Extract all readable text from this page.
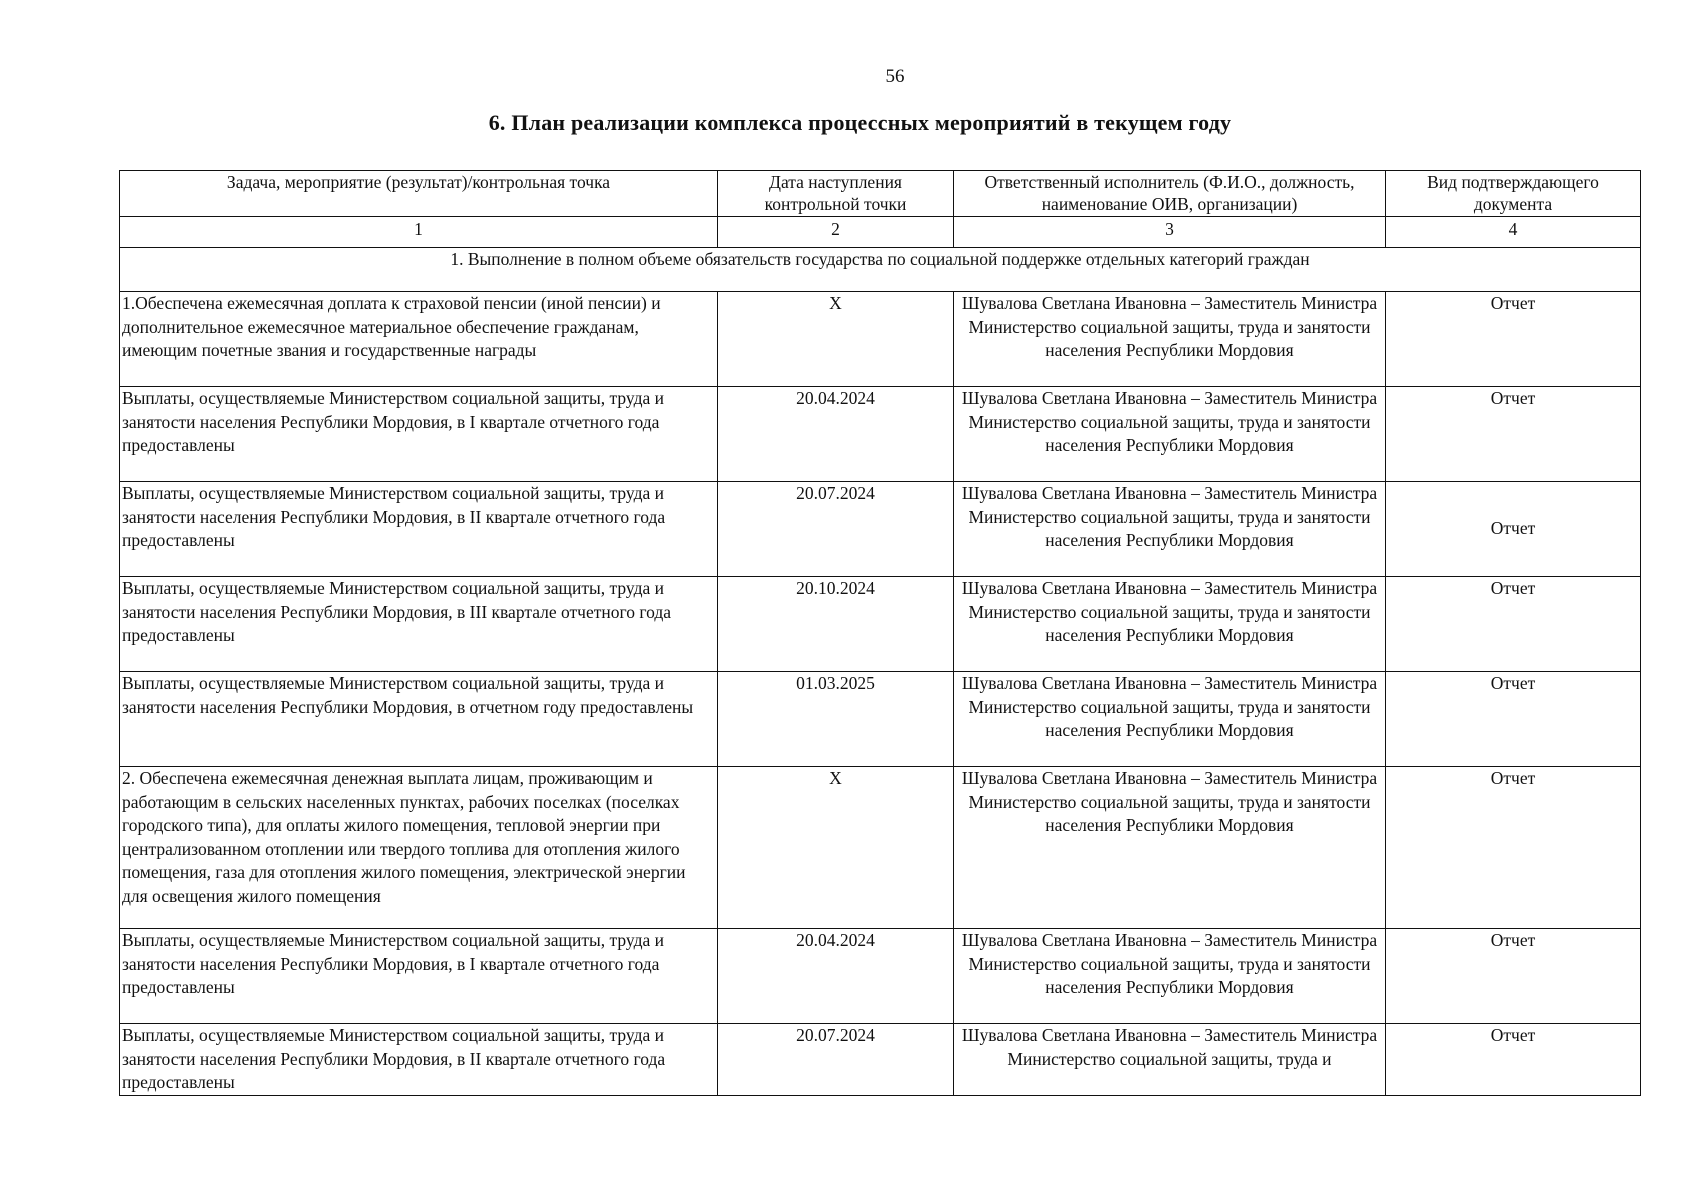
56
6. План реализации комплекса процессных мероприятий в текущем году
Задача, мероприятие (результат)/контрольная точка	Дата наступления контрольной точки	Ответственный исполнитель (Ф.И.О., должность, наименование ОИВ, организации)	Вид подтверждающего документа
1	2	3	4
1. Выполнение в полном объеме обязательств государства по социальной поддержке отдельных категорий граждан			
1.Обеспечена ежемесячная доплата к страховой пенсии (иной пенсии) и дополнительное ежемесячное материальное обеспечение гражданам, имеющим почетные звания и государственные награды	X	Шувалова Светлана Ивановна – Заместитель Министра
Министерство социальной защиты, труда и занятости населения Республики Мордовия	Отчет
Выплаты, осуществляемые Министерством социальной защиты, труда и занятости населения Республики Мордовия, в I квартале отчетного года предоставлены	20.04.2024	Шувалова Светлана Ивановна – Заместитель Министра
Министерство социальной защиты, труда и занятости населения Республики Мордовия	Отчет
Выплаты, осуществляемые Министерством социальной защиты, труда и занятости населения Республики Мордовия, в II квартале отчетного года предоставлены	20.07.2024	Шувалова Светлана Ивановна – Заместитель Министра
Министерство социальной защиты, труда и занятости населения Республики Мордовия	Отчет
Выплаты, осуществляемые Министерством социальной защиты, труда и занятости населения Республики Мордовия, в III квартале отчетного года предоставлены	20.10.2024	Шувалова Светлана Ивановна – Заместитель Министра
Министерство социальной защиты, труда и занятости населения Республики Мордовия	Отчет
Выплаты, осуществляемые Министерством социальной защиты, труда и занятости населения Республики Мордовия, в отчетном году предоставлены	01.03.2025	Шувалова Светлана Ивановна – Заместитель Министра
Министерство социальной защиты, труда и занятости населения Республики Мордовия	Отчет
2. Обеспечена ежемесячная денежная выплата лицам, проживающим и работающим в сельских населенных пунктах, рабочих поселках (поселках городского типа), для оплаты жилого помещения, тепловой энергии при централизованном отоплении или твердого топлива для отопления жилого помещения, газа для отопления жилого помещения, электрической энергии для освещения жилого помещения	X	Шувалова Светлана Ивановна – Заместитель Министра
Министерство социальной защиты, труда и занятости населения Республики Мордовия	Отчет
Выплаты, осуществляемые Министерством социальной защиты, труда и занятости населения Республики Мордовия, в I квартале отчетного года предоставлены	20.04.2024	Шувалова Светлана Ивановна – Заместитель Министра
Министерство социальной защиты, труда и занятости населения Республики Мордовия	Отчет
Выплаты, осуществляемые Министерством социальной защиты, труда и занятости населения Республики Мордовия, в II квартале отчетного года предоставлены	20.07.2024	Шувалова Светлана Ивановна – Заместитель Министра
Министерство социальной защиты, труда и	Отчет
